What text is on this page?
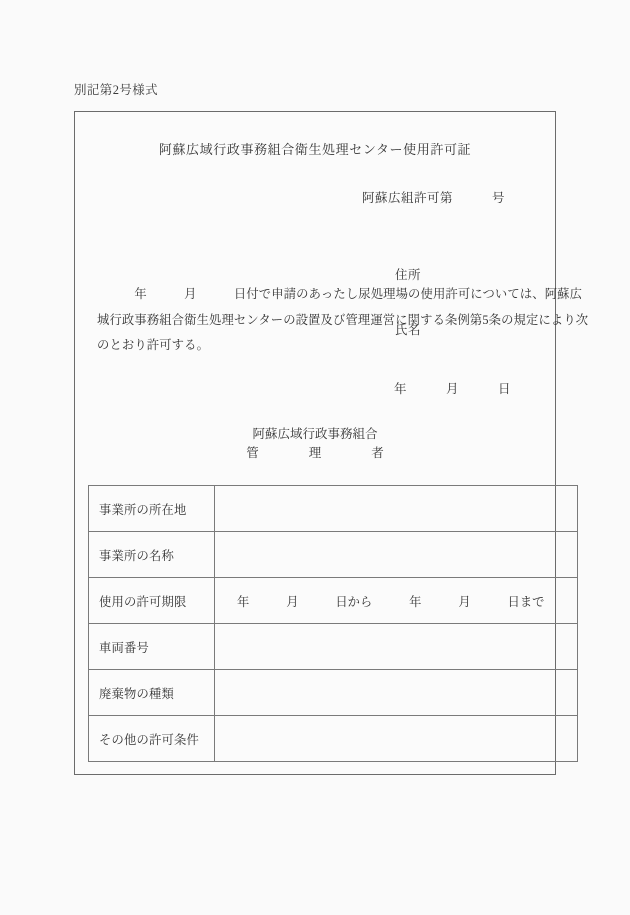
別記第2号様式
阿蘇広域行政事務組合衛生処理センター使用許可証
阿蘇広組許可第　　　号

住所

氏名

　　　年　　　月　　　日付で申請のあったし尿処理場の使用許可については、阿蘇広
城行政事務組合衛生処理センターの設置及び管理運営に関する条例第5条の規定により次
のとおり許可する。
年　　　月　　　日
阿蘇広域行政事務組合
管　　　　理　　　　者
事業所の所在地	
事業所の名称	
使用の許可期限	年　　　月　　　日から　　　年　　　月　　　日まで
車両番号	
廃棄物の種類	
その他の許可条件	
